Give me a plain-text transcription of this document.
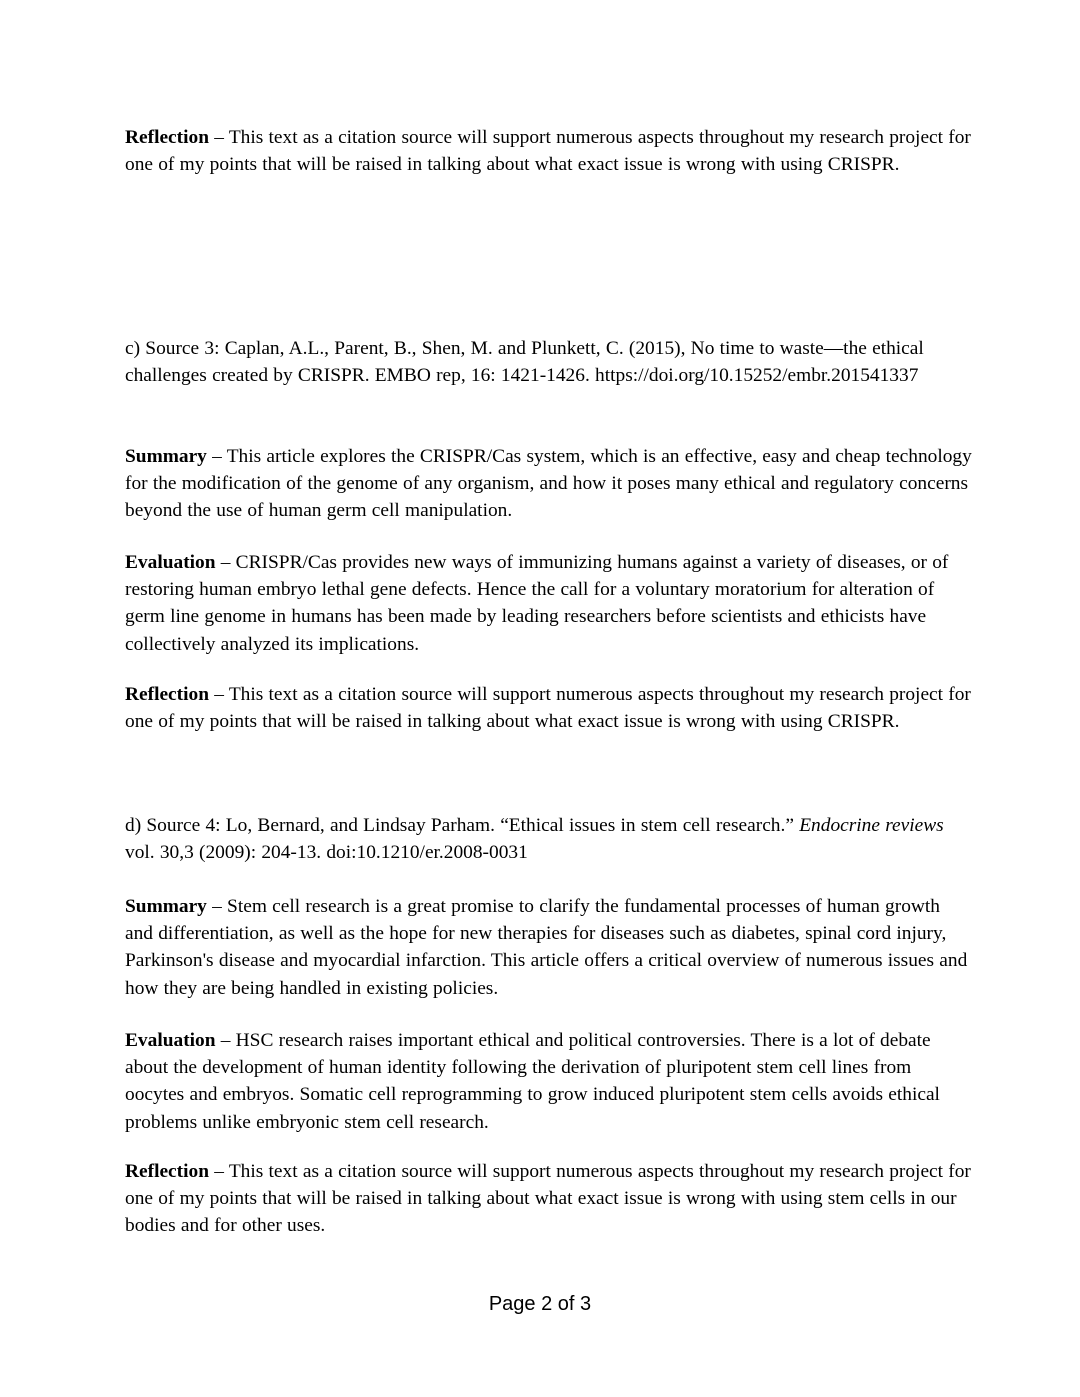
Reflection – This text as a citation source will support numerous aspects throughout my research project for one of my points that will be raised in talking about what exact issue is wrong with using CRISPR.

c) Source 3: Caplan, A.L., Parent, B., Shen, M. and Plunkett, C. (2015), No time to waste—the ethical challenges created by CRISPR. EMBO rep, 16: 1421-1426. https://doi.org/10.15252/​embr.201541337

Summary – This article explores the CRISPR/Cas system, which is an effective, easy and cheap technology for the modification of the genome of any organism, and how it poses many ethical and regulatory concerns beyond the use of human germ cell manipulation.

Evaluation – CRISPR/Cas provides new ways of immunizing humans against a variety of diseases, or of restoring human embryo lethal gene defects. Hence the call for a voluntary moratorium for alteration of germ line genome in humans has been made by leading researchers before scientists and ethicists have collectively analyzed its implications.

Reflection – This text as a citation source will support numerous aspects throughout my research project for one of my points that will be raised in talking about what exact issue is wrong with using CRISPR.

d) Source 4: Lo, Bernard, and Lindsay Parham. “Ethical issues in stem cell research.” Endocrine reviews vol. 30,3 (2009): 204-13. doi:10.1210/er.2008-0031

Summary – Stem cell research is a great promise to clarify the fundamental processes of human growth and differentiation, as well as the hope for new therapies for diseases such as diabetes, spinal cord injury, Parkinson's disease and myocardial infarction. This article offers a critical overview of numerous issues and how they are being handled in existing policies.

Evaluation – HSC research raises important ethical and political controversies. There is a lot of debate about the development of human identity following the derivation of pluripotent stem cell lines from oocytes and embryos. Somatic cell reprogramming to grow induced pluripotent stem cells avoids ethical problems unlike embryonic stem cell research.

Reflection – This text as a citation source will support numerous aspects throughout my research project for one of my points that will be raised in talking about what exact issue is wrong with using stem cells in our bodies and for other uses.

Page 2 of 3
